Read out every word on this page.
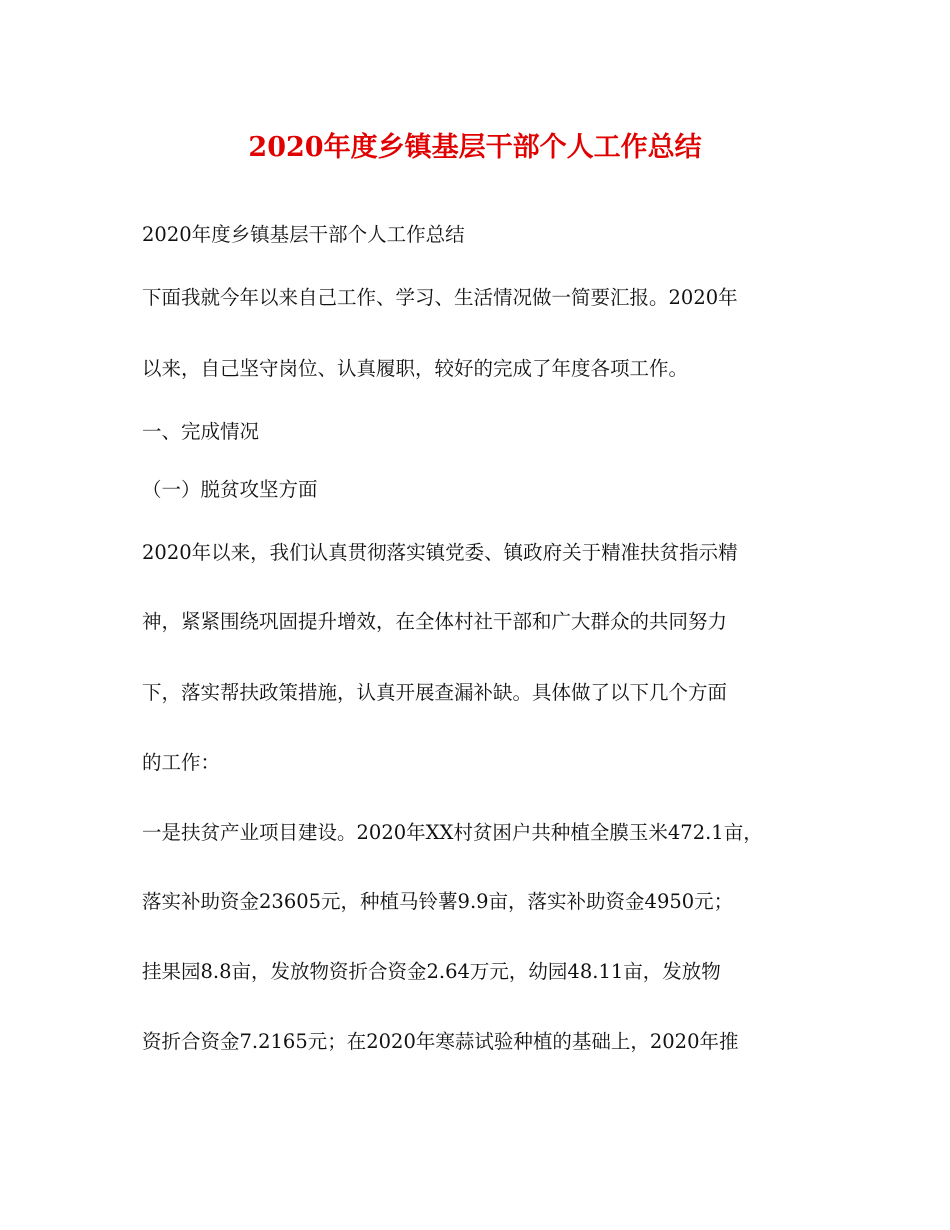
2020年度乡镇基层干部个人工作总结

2020年度乡镇基层干部个人工作总结

下面我就今年以来自己工作、学习、生活情况做一简要汇报。2020年

以来，自己坚守岗位、认真履职，较好的完成了年度各项工作。

一、完成情况

（一）脱贫攻坚方面

2020年以来，我们认真贯彻落实镇党委、镇政府关于精准扶贫指示精

神，紧紧围绕巩固提升增效，在全体村社干部和广大群众的共同努力

下，落实帮扶政策措施，认真开展查漏补缺。具体做了以下几个方面

的工作：

一是扶贫产业项目建设。2020年XX村贫困户共种植全膜玉米472.1亩，

落实补助资金23605元，种植马铃薯9.9亩，落实补助资金4950元；

挂果园8.8亩，发放物资折合资金2.64万元，幼园48.11亩，发放物

资折合资金7.2165元；在2020年寒蒜试验种植的基础上，2020年推
